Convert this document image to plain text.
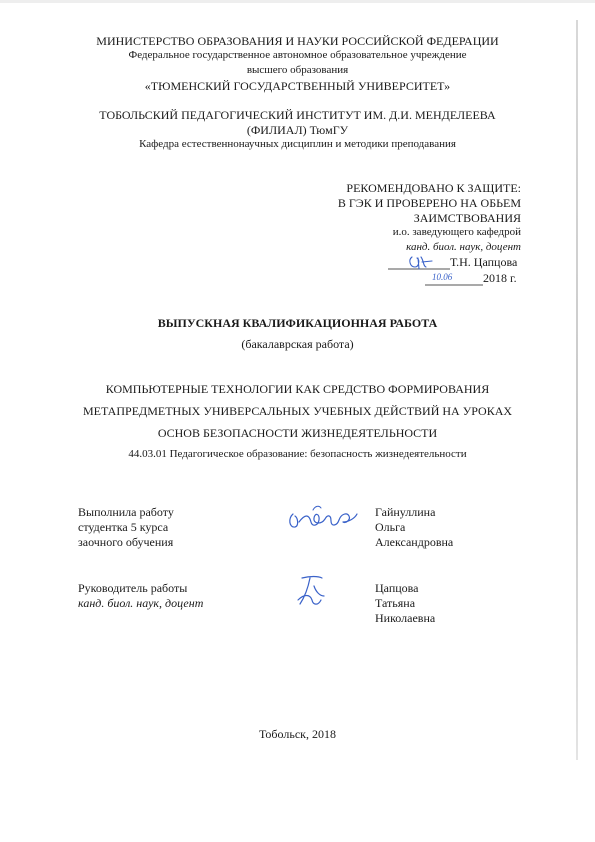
МИНИСТЕРСТВО ОБРАЗОВАНИЯ И НАУКИ РОССИЙСКОЙ ФЕДЕРАЦИИ
Федеральное государственное автономное образовательное учреждение
высшего образования
«ТЮМЕНСКИЙ ГОСУДАРСТВЕННЫЙ УНИВЕРСИТЕТ»
ТОБОЛЬСКИЙ ПЕДАГОГИЧЕСКИЙ ИНСТИТУТ ИМ. Д.И. МЕНДЕЛЕЕВА
(ФИЛИАЛ) ТюмГУ
Кафедра естественнонаучных дисциплин и методики преподавания
РЕКОМЕНДОВАНО К ЗАЩИТЕ:
В ГЭК И ПРОВЕРЕНО НА ОБЬЕМ
ЗАИМСТВОВАНИЯ
и.о. заведующего кафедрой
канд. биол. наук, доцент
Т.Н. Цапцова
10.06	2018 г.
ВЫПУСКНАЯ КВАЛИФИКАЦИОННАЯ РАБОТА
(бакалаврская работа)
КОМПЬЮТЕРНЫЕ ТЕХНОЛОГИИ КАК СРЕДСТВО ФОРМИРОВАНИЯ
МЕТАПРЕДМЕТНЫХ УНИВЕРСАЛЬНЫХ УЧЕБНЫХ ДЕЙСТВИЙ НА УРОКАХ
ОСНОВ БЕЗОПАСНОСТИ ЖИЗНЕДЕЯТЕЛЬНОСТИ
44.03.01 Педагогическое образование: безопасность жизнедеятельности
Выполнила работу
студентка 5 курса
заочного обучения
Гайнуллина
Ольга
Александровна
Руководитель работы
канд. биол. наук, доцент
Цапцова
Татьяна
Николаевна
Тобольск, 2018
